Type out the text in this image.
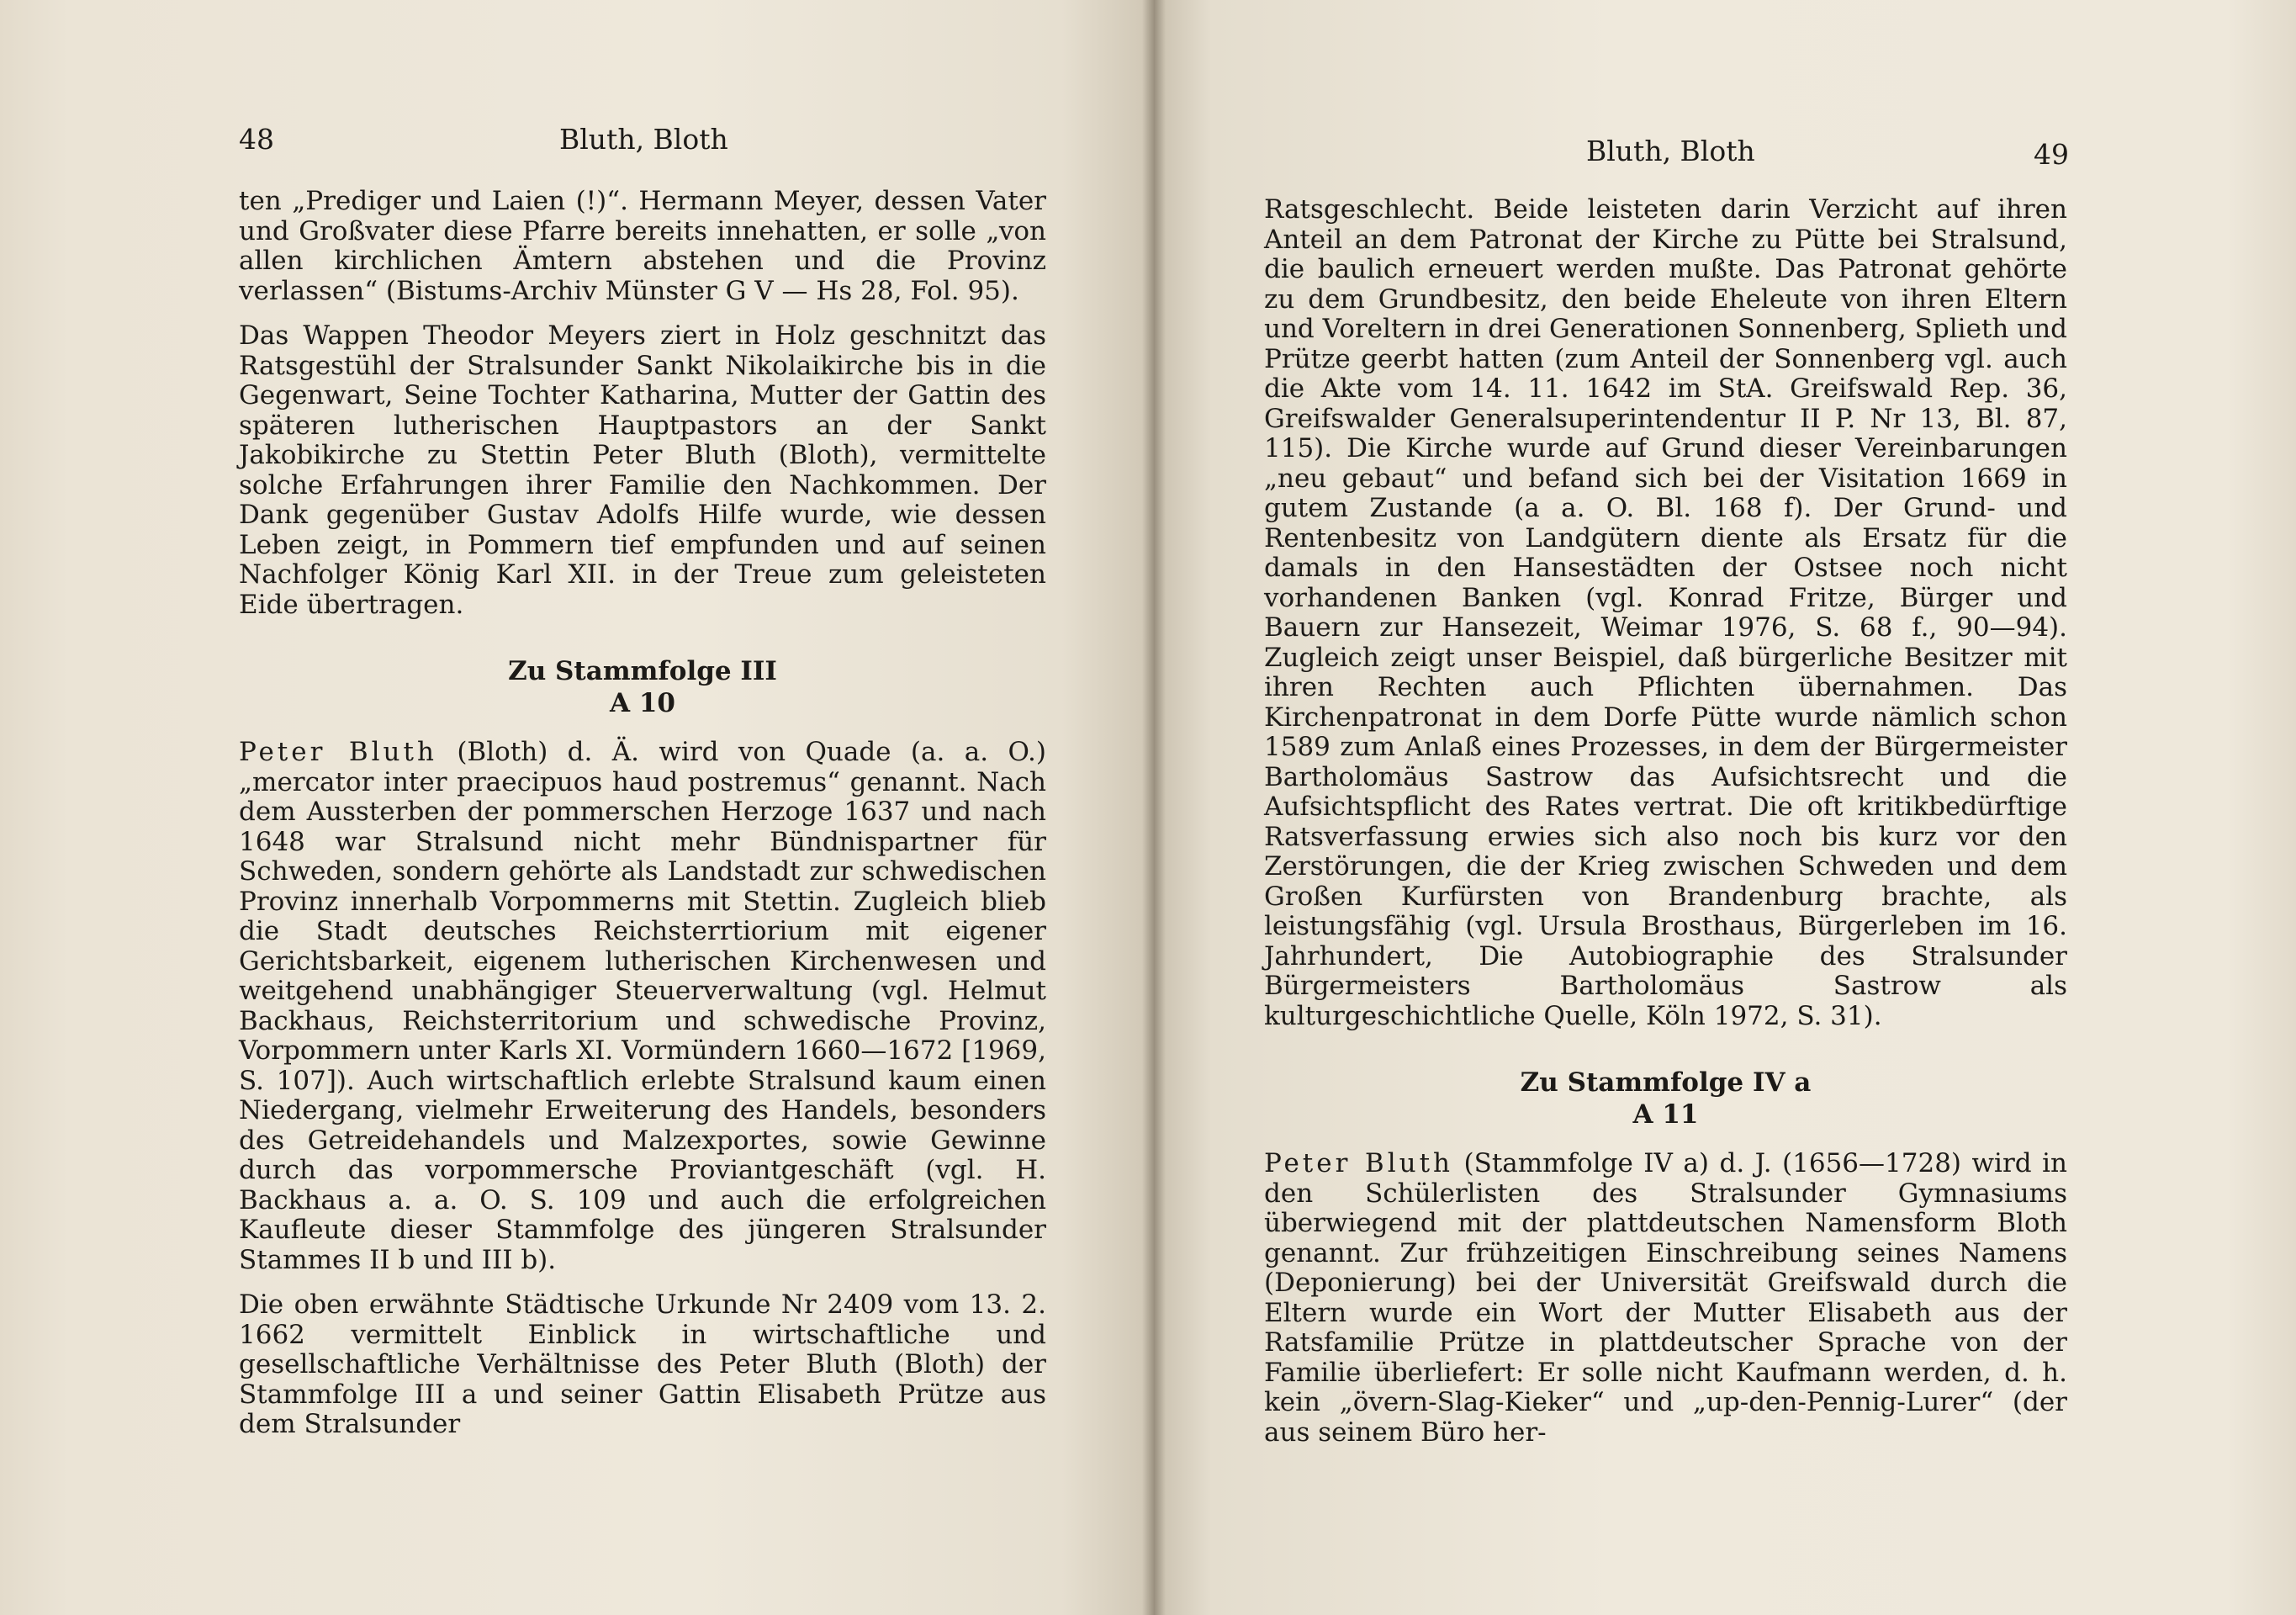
48	Bluth, Bloth

ten „Prediger und Laien (!)“. Hermann Meyer, dessen Vater und Großvater diese Pfarre bereits innehatten, er solle „von allen kirchlichen Ämtern abstehen und die Provinz verlassen“ (Bistums-Archiv Münster G V — Hs 28, Fol. 95).

Das Wappen Theodor Meyers ziert in Holz geschnitzt das Ratsgestühl der Stralsunder Sankt Nikolaikirche bis in die Gegenwart, Seine Tochter Katharina, Mutter der Gattin des späteren lutherischen Hauptpastors an der Sankt Jakobikirche zu Stettin Peter Bluth (Bloth), vermittelte solche Erfahrungen ihrer Familie den Nachkommen. Der Dank gegenüber Gustav Adolfs Hilfe wurde, wie dessen Leben zeigt, in Pommern tief empfunden und auf seinen Nachfolger König Karl XII. in der Treue zum geleisteten Eide übertragen.

Zu Stammfolge III
A 10

Peter Bluth (Bloth) d. Ä. wird von Quade (a. a. O.) „mercator inter praecipuos haud postremus“ genannt. Nach dem Aussterben der pommerschen Herzoge 1637 und nach 1648 war Stralsund nicht mehr Bündnispartner für Schweden, sondern gehörte als Landstadt zur schwedischen Provinz innerhalb Vorpommerns mit Stettin. Zugleich blieb die Stadt deutsches Reichsterrtiorium mit eigener Gerichtsbarkeit, eigenem lutherischen Kirchenwesen und weitgehend unabhängiger Steuerverwaltung (vgl. Helmut Backhaus, Reichsterritorium und schwedische Provinz, Vorpommern unter Karls XI. Vormündern 1660—1672 [1969, S. 107]). Auch wirtschaftlich erlebte Stralsund kaum einen Niedergang, vielmehr Erweiterung des Handels, besonders des Getreidehandels und Malzexportes, sowie Gewinne durch das vorpommersche Proviantgeschäft (vgl. H. Backhaus a. a. O. S. 109 und auch die erfolgreichen Kaufleute dieser Stammfolge des jüngeren Stralsunder Stammes II b und III b).

Die oben erwähnte Städtische Urkunde Nr 2409 vom 13. 2. 1662 vermittelt Einblick in wirtschaftliche und gesellschaftliche Verhältnisse des Peter Bluth (Bloth) der Stammfolge III a und seiner Gattin Elisabeth Prütze aus dem Stralsunder

Bluth, Bloth	49

Ratsgeschlecht. Beide leisteten darin Verzicht auf ihren Anteil an dem Patronat der Kirche zu Pütte bei Stralsund, die baulich erneuert werden mußte. Das Patronat gehörte zu dem Grundbesitz, den beide Eheleute von ihren Eltern und Voreltern in drei Generationen Sonnenberg, Splieth und Prütze geerbt hatten (zum Anteil der Sonnenberg vgl. auch die Akte vom 14. 11. 1642 im StA. Greifswald Rep. 36, Greifswalder Generalsuperintendentur II P. Nr 13, Bl. 87, 115). Die Kirche wurde auf Grund dieser Vereinbarungen „neu gebaut“ und befand sich bei der Visitation 1669 in gutem Zustande (a a. O. Bl. 168 f). Der Grund- und Rentenbesitz von Landgütern diente als Ersatz für die damals in den Hansestädten der Ostsee noch nicht vorhandenen Banken (vgl. Konrad Fritze, Bürger und Bauern zur Hansezeit, Weimar 1976, S. 68 f., 90—94). Zugleich zeigt unser Beispiel, daß bürgerliche Besitzer mit ihren Rechten auch Pflichten übernahmen. Das Kirchenpatronat in dem Dorfe Pütte wurde nämlich schon 1589 zum Anlaß eines Prozesses, in dem der Bürgermeister Bartholomäus Sastrow das Aufsichtsrecht und die Aufsichtspflicht des Rates vertrat. Die oft kritikbedürftige Ratsverfassung erwies sich also noch bis kurz vor den Zerstörungen, die der Krieg zwischen Schweden und dem Großen Kurfürsten von Brandenburg brachte, als leistungsfähig (vgl. Ursula Brosthaus, Bürgerleben im 16. Jahrhundert, Die Autobiographie des Stralsunder Bürgermeisters Bartholomäus Sastrow als kulturgeschichtliche Quelle, Köln 1972, S. 31).

Zu Stammfolge IV a
A 11

Peter Bluth (Stammfolge IV a) d. J. (1656—1728) wird in den Schülerlisten des Stralsunder Gymnasiums überwiegend mit der plattdeutschen Namensform Bloth genannt. Zur frühzeitigen Einschreibung seines Namens (Deponierung) bei der Universität Greifswald durch die Eltern wurde ein Wort der Mutter Elisabeth aus der Ratsfamilie Prütze in plattdeutscher Sprache von der Familie überliefert: Er solle nicht Kaufmann werden, d. h. kein „övern-Slag-Kieker“ und „up-den-Pennig-Lurer“ (der aus seinem Büro her-
